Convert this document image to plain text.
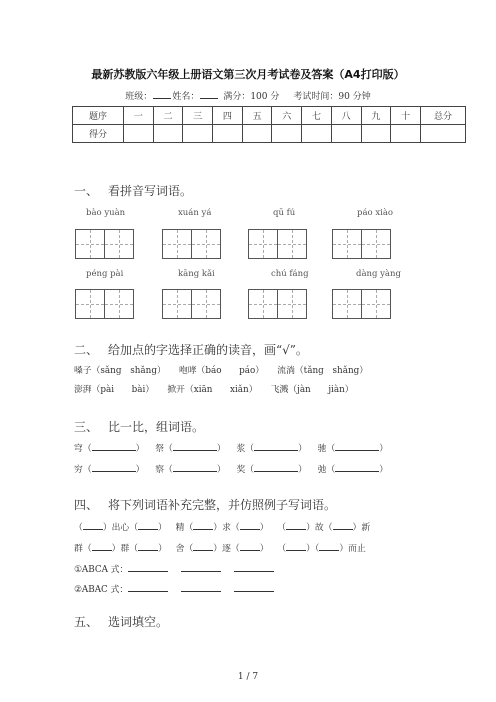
最新苏教版六年级上册语文第三次月考试卷及答案（A4打印版）
班级： 姓名：	满分：100 分 考试时间：90 分钟
题序	一	二	三	四	五	六	七	八	九	十	总分
得分											
一、 看拼音写词语。
bào yuàn	xuán yá	qū fú	páo xiào
péng pài	kāng kǎi	chú fáng	dàng yàng
二、 给加点的字选择正确的读音，画“√”。
嗓子（sǎng　shǎng）　　咆哮（báo　　páo）　　流淌（tǎng　shǎng）
澎湃（pài　　bài）　　掀开（xiān　　xiǎn）　　飞溅（jàn　　jiàn）
三、 比一比，组词语。
穹（	） 祭（	） 浆（	） 驰（	）
穷（	） 察（	） 奖（	） 弛（	）
四、 将下列词语补充完整，并仿照例子写词语。
（ ）出心（ ） 精（ ）求（ ） （ ）故（ ）新
群（ ）群（ ） 舍（ ）逐（ ） （ ）（ ）而止
①ABCA 式：
②ABAC 式：
五、 选词填空。
1 / 7
